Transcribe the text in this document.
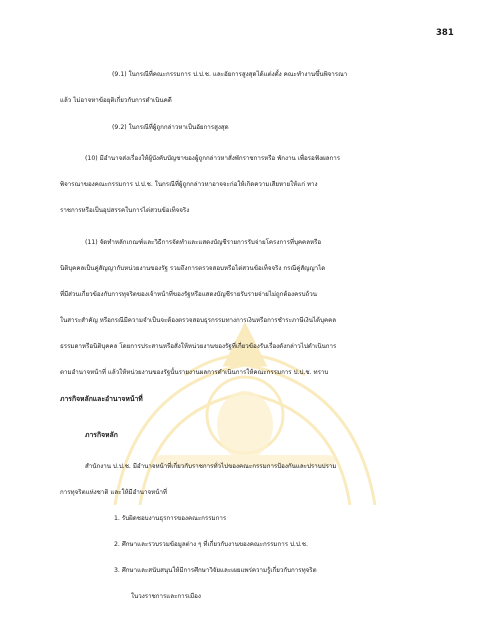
381
(9.1) ในกรณีที่คณะกรรมการ ป.ป.ช. และอัยการสูงสุดได้แต่งตั้ง คณะทำงานขึ้นพิจารณา
แล้ว ไม่อาจหาข้อยุติเกี่ยวกับการดำเนินคดี
(9.2) ในกรณีที่ผู้ถูกกล่าวหาเป็นอัยการสูงสุด
(10) มีอำนาจส่งเรื่องให้ผู้บังคับบัญชาของผู้ถูกกล่าวหาสั่งพักราชการหรือ พักงาน เพื่อรอฟังผลการ
พิจารณาของคณะกรรมการ ป.ป.ช. ในกรณีที่ผู้ถูกกล่าวหาอาจจะก่อให้เกิดความเสียหายให้แก่ ทาง
ราชการหรือเป็นอุปสรรคในการไต่สวนข้อเท็จจริง
(11) จัดทำหลักเกณฑ์และวิธีการจัดทำและแสดงบัญชีรายการรับจ่ายโครงการที่บุคคลหรือ
นิติบุคคลเป็นคู่สัญญากับหน่วยงานของรัฐ รวมถึงการตรวจสอบหรือไต่สวนข้อเท็จจริง กรณีคู่สัญญาได
ที่มีส่วนเกี่ยวข้องกับการทุจริตของเจ้าหน้าที่ของรัฐหรือแสดงบัญชีรายรับรายจ่ายไม่ถูกต้องครบถ้วน
ในสาระสำคัญ หรือกรณีมีความจำเป็นจะต้องตรวจสอบธุรกรรมทางการเงินหรือการชำระภาษีเงินได้บุคคล
ธรรมดาหรือนิติบุคคล โดยการประสานหรือสั่งให้หน่วยงานของรัฐที่เกี่ยวข้องรับเรื่องดังกล่าวไปดำเนินการ
ตามอำนาจหน้าที่ แล้วให้หน่วยงานของรัฐนั้นรายงานผลการดำเนินการให้คณะกรรมการ ป.ป.ช. ทราบ
ภารกิจหลักและอำนาจหน้าที่
ภารกิจหลัก
สำนักงาน ป.ป.ช. มีอำนาจหน้าที่เกี่ยวกับราชการทั่วไปของคณะกรรมการป้องกันและปราบปราม
การทุจริตแห่งชาติ และให้มีอำนาจหน้าที่
1. รับผิดชอบงานธุรการของคณะกรรมการ
2. ศึกษาและรวบรวมข้อมูลต่าง ๆ ที่เกี่ยวกับงานของคณะกรรมการ ป.ป.ช.
3. ศึกษาและสนับสนุนให้มีการศึกษาวิจัยและเผยแพร่ความรู้เกี่ยวกับการทุจริต
ในวงราชการและการเมือง
